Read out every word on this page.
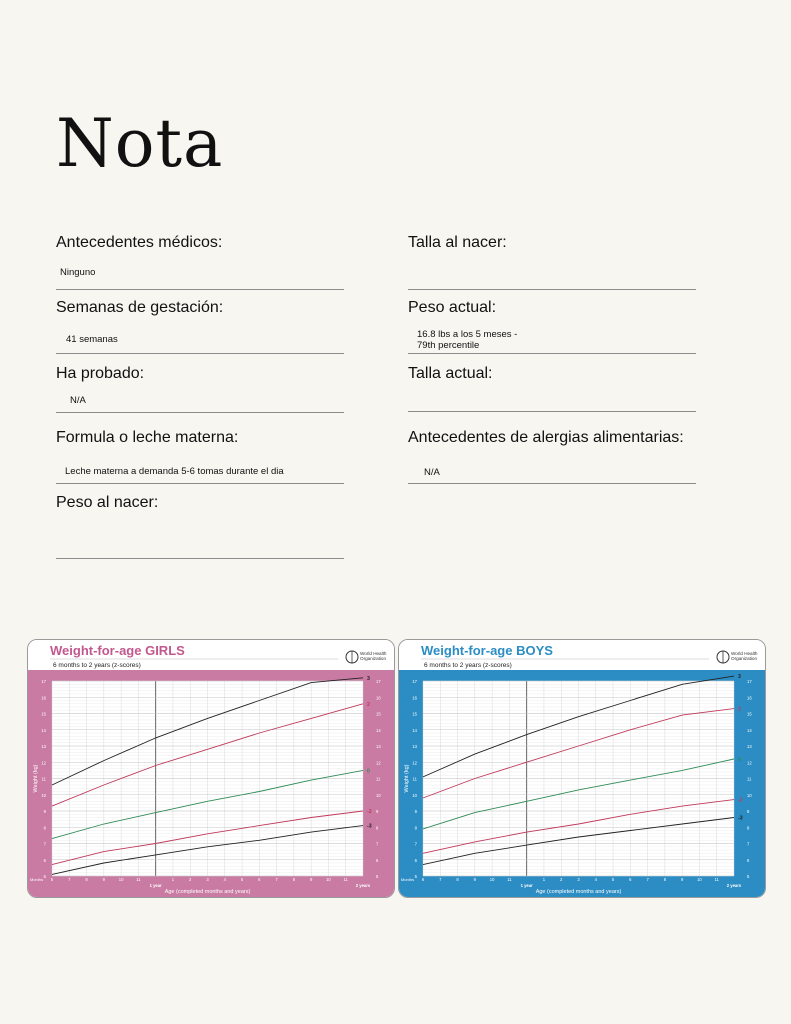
Nota
Antecedentes médicos:
Ninguno
Semanas de gestación:
41 semanas
Ha probado:
N/A
Formula o leche materna:
Leche materna a demanda 5-6 tomas durante el dia
Peso al nacer:
Talla al nacer:
Peso actual:
16.8 lbs a los 5 meses -
79th percentile
Talla actual:
Antecedentes de alergias alimentarias:
N/A
Weight-for-age GIRLS
6 months to 2 years (z-scores)
World Health Organization
5	5
6	6
7	7
8	8
9	9
10	10
11	11
12	12
13	13
14	14
15	15
16	16
17	17
6	7	8	9	10	11
1 year
1	2	3	4	5	6	7	8	9	10	11
2 years
Months
Age (completed months and years)
Weight (kg)
3
2
0
-2
-3
Weight-for-age BOYS
6 months to 2 years (z-scores)
World Health Organization
5	5
6	6
7	7
8	8
9	9
10	10
11	11
12	12
13	13
14	14
15	15
16	16
17	17
6	7	8	9	10	11
1 year
1	2	3	4	5	6	7	8	9	10	11
2 years
Months
Age (completed months and years)
Weight (kg)
3
2
0
-2
-3
